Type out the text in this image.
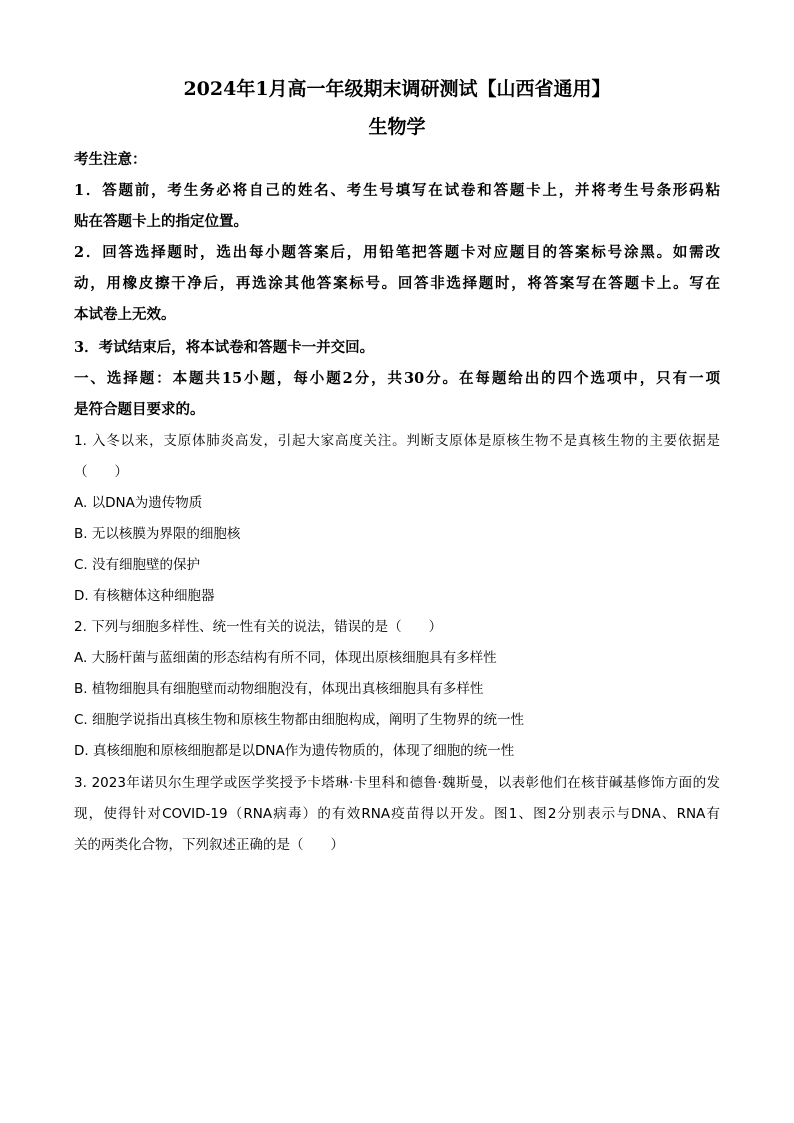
2024年1月高一年级期末调研测试【山西省通用】
生物学
考生注意：
1．答题前，考生务必将自己的姓名、考生号填写在试卷和答题卡上，并将考生号条形码粘
贴在答题卡上的指定位置。
2．回答选择题时，选出每小题答案后，用铅笔把答题卡对应题目的答案标号涂黑。如需改
动，用橡皮擦干净后，再选涂其他答案标号。回答非选择题时，将答案写在答题卡上。写在
本试卷上无效。
3．考试结束后，将本试卷和答题卡一并交回。
一、选择题：本题共15小题，每小题2分，共30分。在每题给出的四个选项中，只有一项
是符合题目要求的。
1. 入冬以来，支原体肺炎高发，引起大家高度关注。判断支原体是原核生物不是真核生物的主要依据是
（　　）
A. 以DNA为遗传物质
B. 无以核膜为界限的细胞核
C. 没有细胞壁的保护
D. 有核糖体这种细胞器
2. 下列与细胞多样性、统一性有关的说法，错误的是（　　）
A. 大肠杆菌与蓝细菌的形态结构有所不同，体现出原核细胞具有多样性
B. 植物细胞具有细胞壁而动物细胞没有，体现出真核细胞具有多样性
C. 细胞学说指出真核生物和原核生物都由细胞构成，阐明了生物界的统一性
D. 真核细胞和原核细胞都是以DNA作为遗传物质的，体现了细胞的统一性
3. 2023年诺贝尔生理学或医学奖授予卡塔琳·卡里科和德鲁·魏斯曼，以表彰他们在核苷碱基修饰方面的发
现，使得针对COVID-19（RNA病毒）的有效RNA疫苗得以开发。图1、图2分别表示与DNA、RNA有
关的两类化合物，下列叙述正确的是（　　）
